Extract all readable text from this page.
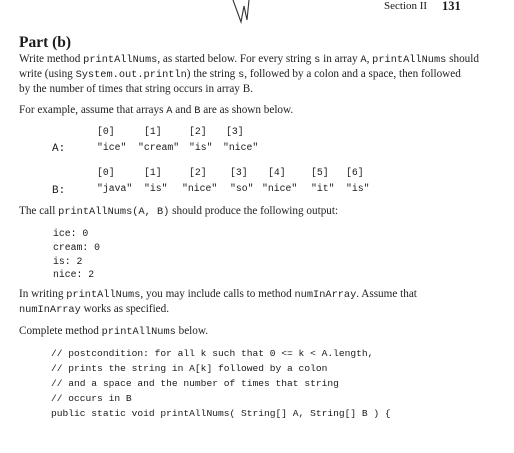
Section II 131
Part (b)
Write method printAllNums, as started below. For every string s in array A, printAllNums should
write (using System.out.println) the string s, followed by a colon and a space, then followed
by the number of times that string occurs in array B.
For example, assume that arrays A and B are as shown below.
A:
[0]	[1]	[2] [3]
"ice" "cream" "is" "nice"
B:
[0]	[1]	[2] [3] [4]	[5] [6]
"java" "is" "nice" "so" "nice" "it" "is"
The call printAllNums(A, B) should produce the following output:
ice: 0
cream: 0
is: 2
nice: 2
In writing printAllNums, you may include calls to method numInArray. Assume that
numInArray works as specified.
Complete method printAllNums below.
// postcondition: for all k such that 0 <= k < A.length,
// prints the string in A[k] followed by a colon
// and a space and the number of times that string
// occurs in B
public static void printAllNums( String[] A, String[] B ) {
